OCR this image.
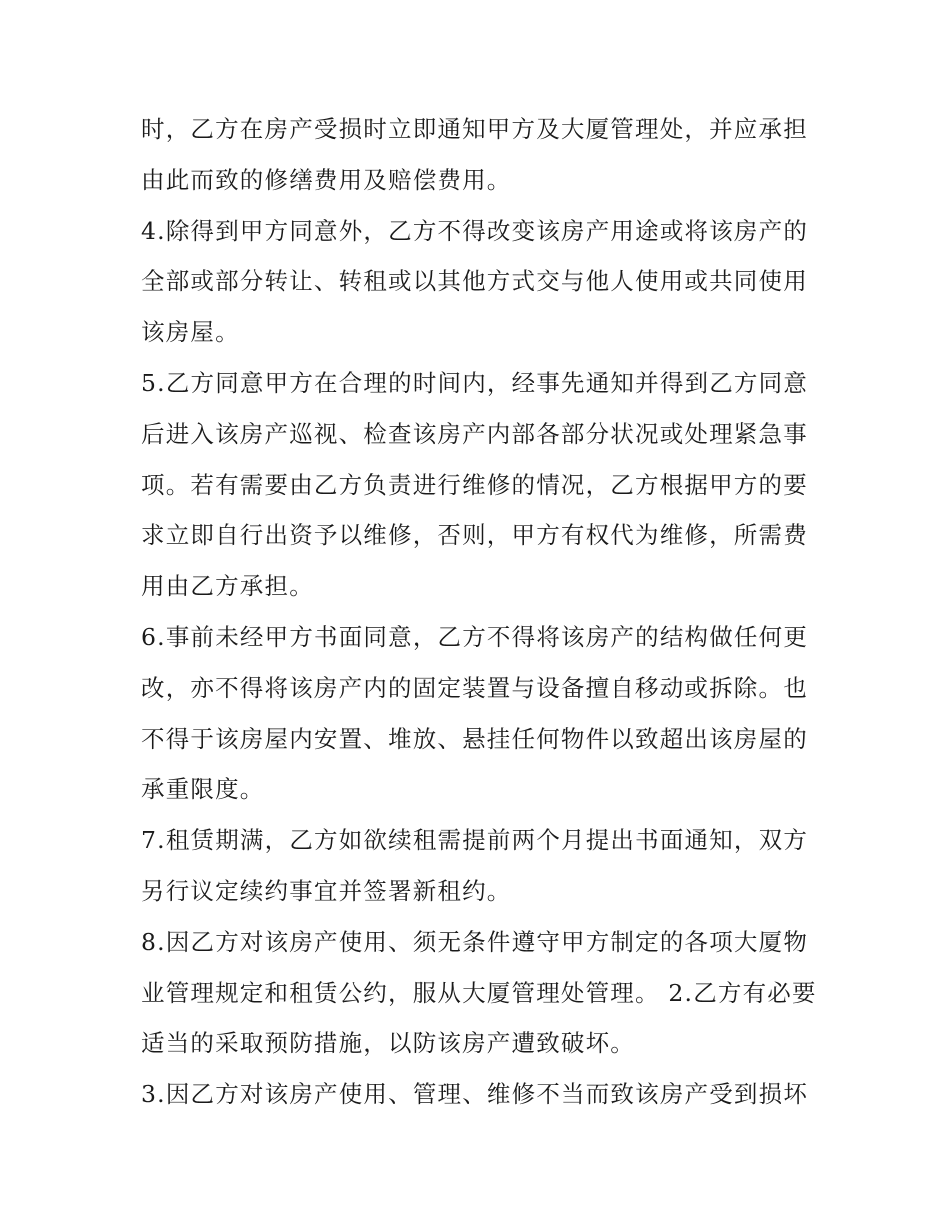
时，乙方在房产受损时立即通知甲方及大厦管理处，并应承担
由此而致的修缮费用及赔偿费用。
4.除得到甲方同意外，乙方不得改变该房产用途或将该房产的
全部或部分转让、转租或以其他方式交与他人使用或共同使用
该房屋。
5.乙方同意甲方在合理的时间内，经事先通知并得到乙方同意
后进入该房产巡视、检查该房产内部各部分状况或处理紧急事
项。若有需要由乙方负责进行维修的情况，乙方根据甲方的要
求立即自行出资予以维修，否则，甲方有权代为维修，所需费
用由乙方承担。
6.事前未经甲方书面同意，乙方不得将该房产的结构做任何更
改，亦不得将该房产内的固定装置与设备擅自移动或拆除。也
不得于该房屋内安置、堆放、悬挂任何物件以致超出该房屋的
承重限度。
7.租赁期满，乙方如欲续租需提前两个月提出书面通知，双方
另行议定续约事宜并签署新租约。
8.因乙方对该房产使用、须无条件遵守甲方制定的各项大厦物
业管理规定和租赁公约，服从大厦管理处管理。 2.乙方有必要
适当的采取预防措施，以防该房产遭致破坏。
3.因乙方对该房产使用、管理、维修不当而致该房产受到损坏
